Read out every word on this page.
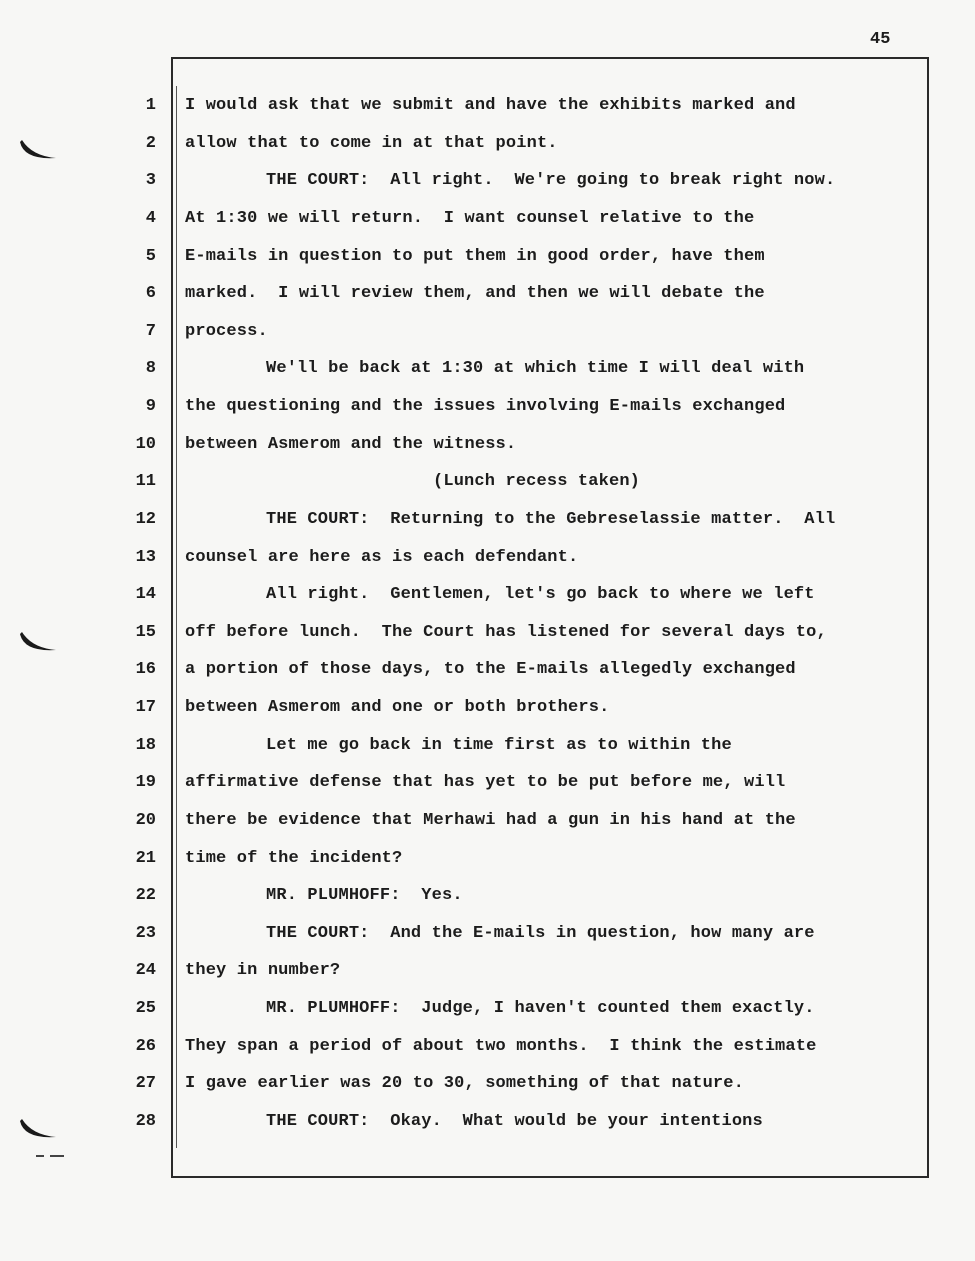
45
1 I would ask that we submit and have the exhibits marked and
2 allow that to come in at that point.
3	THE COURT:  All right.  We're going to break right now.
4 At 1:30 we will return.  I want counsel relative to the
5 E-mails in question to put them in good order, have them
6 marked.  I will review them, and then we will debate the
7 process.
8	We'll be back at 1:30 at which time I will deal with
9 the questioning and the issues involving E-mails exchanged
10 between Asmerom and the witness.
11	(Lunch recess taken)
12	THE COURT:  Returning to the Gebreselassie matter.  All
13 counsel are here as is each defendant.
14	All right.  Gentlemen, let's go back to where we left
15 off before lunch.  The Court has listened for several days to,
16 a portion of those days, to the E-mails allegedly exchanged
17 between Asmerom and one or both brothers.
18	Let me go back in time first as to within the
19 affirmative defense that has yet to be put before me, will
20 there be evidence that Merhawi had a gun in his hand at the
21 time of the incident?
22	MR. PLUMHOFF:  Yes.
23	THE COURT:  And the E-mails in question, how many are
24 they in number?
25	MR. PLUMHOFF:  Judge, I haven't counted them exactly.
26 They span a period of about two months.  I think the estimate
27 I gave earlier was 20 to 30, something of that nature.
28	THE COURT:  Okay.  What would be your intentions
